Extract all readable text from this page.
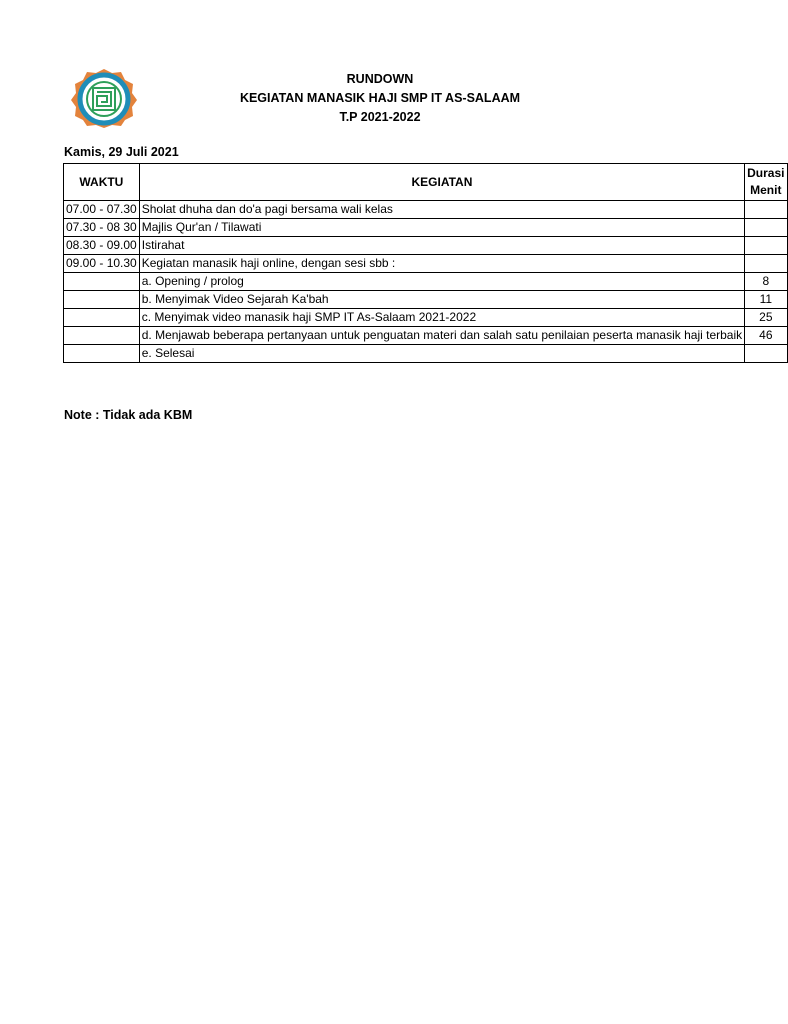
RUNDOWN
KEGIATAN MANASIK HAJI SMP IT AS-SALAAM
T.P 2021-2022
Kamis, 29 Juli 2021
WAKTU	KEGIATAN	Durasi
Menit

07.00 - 07.30	Sholat dhuha dan do'a pagi bersama wali kelas	
07.30 - 08 30	Majlis Qur'an / Tilawati	
08.30 - 09.00	Istirahat	
09.00 - 10.30	Kegiatan manasik haji online, dengan sesi sbb :	
	a. Opening / prolog	8
	b. Menyimak Video Sejarah Ka'bah	11
	c. Menyimak video manasik haji SMP IT As-Salaam 2021-2022	25
	d. Menjawab beberapa pertanyaan untuk penguatan materi dan salah satu penilaian peserta manasik haji terbaik	46
	e. Selesai	
Note : Tidak ada KBM
